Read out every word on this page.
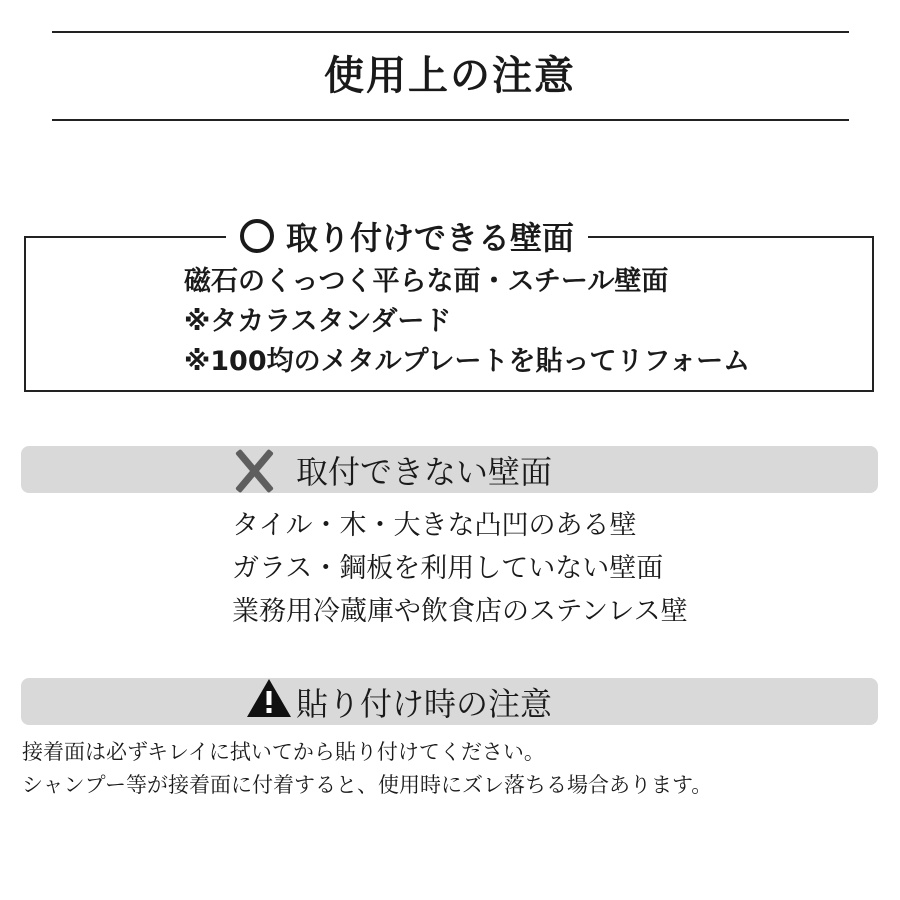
使用上の注意
取り付けできる壁面
磁石のくっつく平らな面・スチール壁面
※タカラスタンダード
※100均のメタルプレートを貼ってリフォーム
取付できない壁面
タイル・木・大きな凸凹のある壁
ガラス・鋼板を利用していない壁面
業務用冷蔵庫や飲食店のステンレス壁
貼り付け時の注意
接着面は必ずキレイに拭いてから貼り付けてください。
シャンプー等が接着面に付着すると、使用時にズレ落ちる場合あります。
